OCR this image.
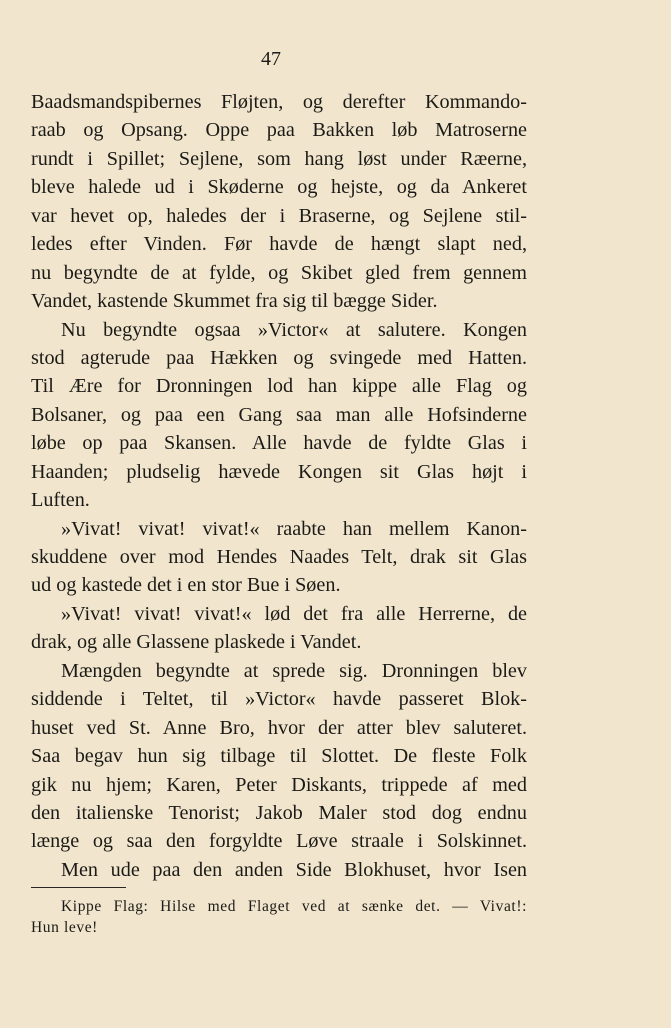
47
Baadsmandspibernes Fløjten, og derefter Kommando-
raab og Opsang. Oppe paa Bakken løb Matroserne
rundt i Spillet; Sejlene, som hang løst under Ræerne,
bleve halede ud i Skøderne og hejste, og da Ankeret
var hevet op, haledes der i Braserne, og Sejlene stil-
ledes efter Vinden. Før havde de hængt slapt ned,
nu begyndte de at fylde, og Skibet gled frem gennem
Vandet, kastende Skummet fra sig til bægge Sider.
Nu begyndte ogsaa »Victor« at salutere. Kongen
stod agterude paa Hækken og svingede med Hatten.
Til Ære for Dronningen lod han kippe alle Flag og
Bolsaner, og paa een Gang saa man alle Hofsinderne
løbe op paa Skansen. Alle havde de fyldte Glas i
Haanden; pludselig hævede Kongen sit Glas højt i
Luften.
»Vivat! vivat! vivat!« raabte han mellem Kanon-
skuddene over mod Hendes Naades Telt, drak sit Glas
ud og kastede det i en stor Bue i Søen.
»Vivat! vivat! vivat!« lød det fra alle Herrerne, de
drak, og alle Glassene plaskede i Vandet.
Mængden begyndte at sprede sig. Dronningen blev
siddende i Teltet, til »Victor« havde passeret Blok-
huset ved St. Anne Bro, hvor der atter blev saluteret.
Saa begav hun sig tilbage til Slottet. De fleste Folk
gik nu hjem; Karen, Peter Diskants, trippede af med
den italienske Tenorist; Jakob Maler stod dog endnu
længe og saa den forgyldte Løve straale i Solskinnet.
Men ude paa den anden Side Blokhuset, hvor Isen
Kippe Flag: Hilse med Flaget ved at sænke det. — Vivat!:
Hun leve!
